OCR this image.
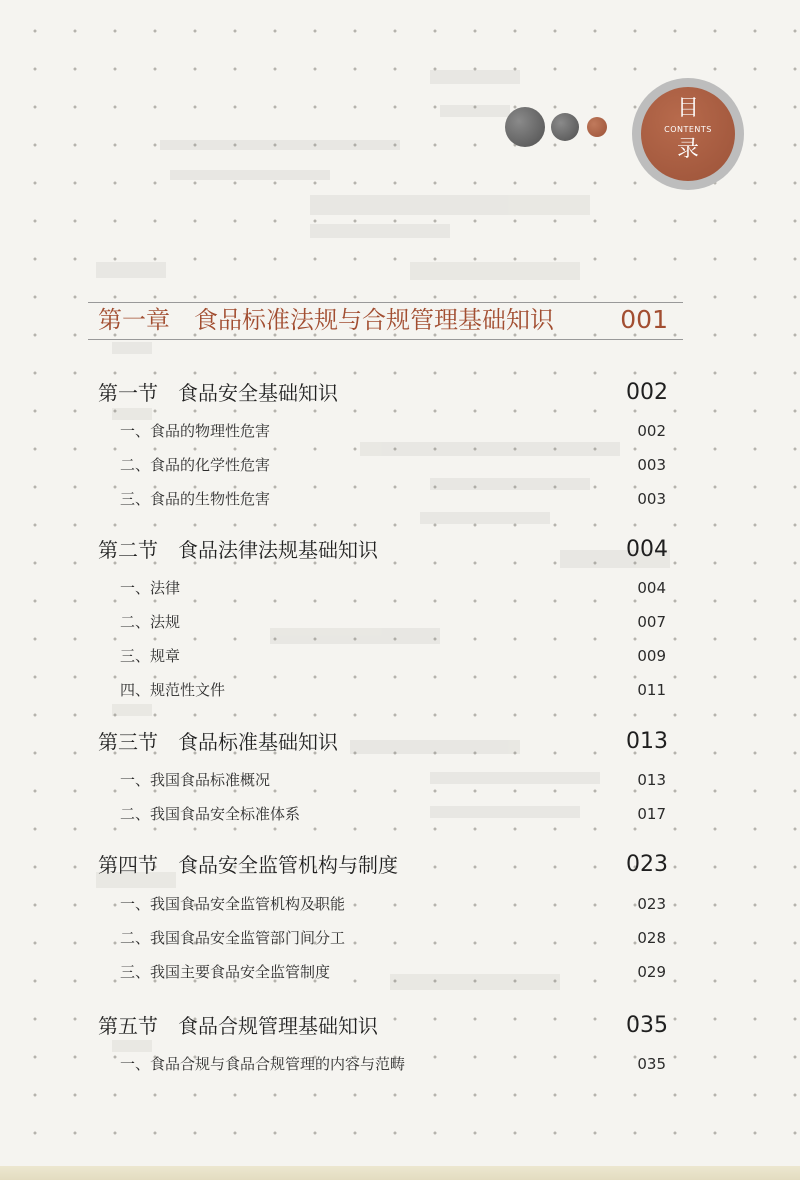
目
CONTENTS
录
第一章　食品标准法规与合规管理基础知识	001
第一节　食品安全基础知识	002
一、食品的物理性危害	002
二、食品的化学性危害	003
三、食品的生物性危害	003
第二节　食品法律法规基础知识	004
一、法律	004
二、法规	007
三、规章	009
四、规范性文件	011
第三节　食品标准基础知识	013
一、我国食品标准概况	013
二、我国食品安全标准体系	017
第四节　食品安全监管机构与制度	023
一、我国食品安全监管机构及职能	023
二、我国食品安全监管部门间分工	028
三、我国主要食品安全监管制度	029
第五节　食品合规管理基础知识	035
一、食品合规与食品合规管理的内容与范畴	035
